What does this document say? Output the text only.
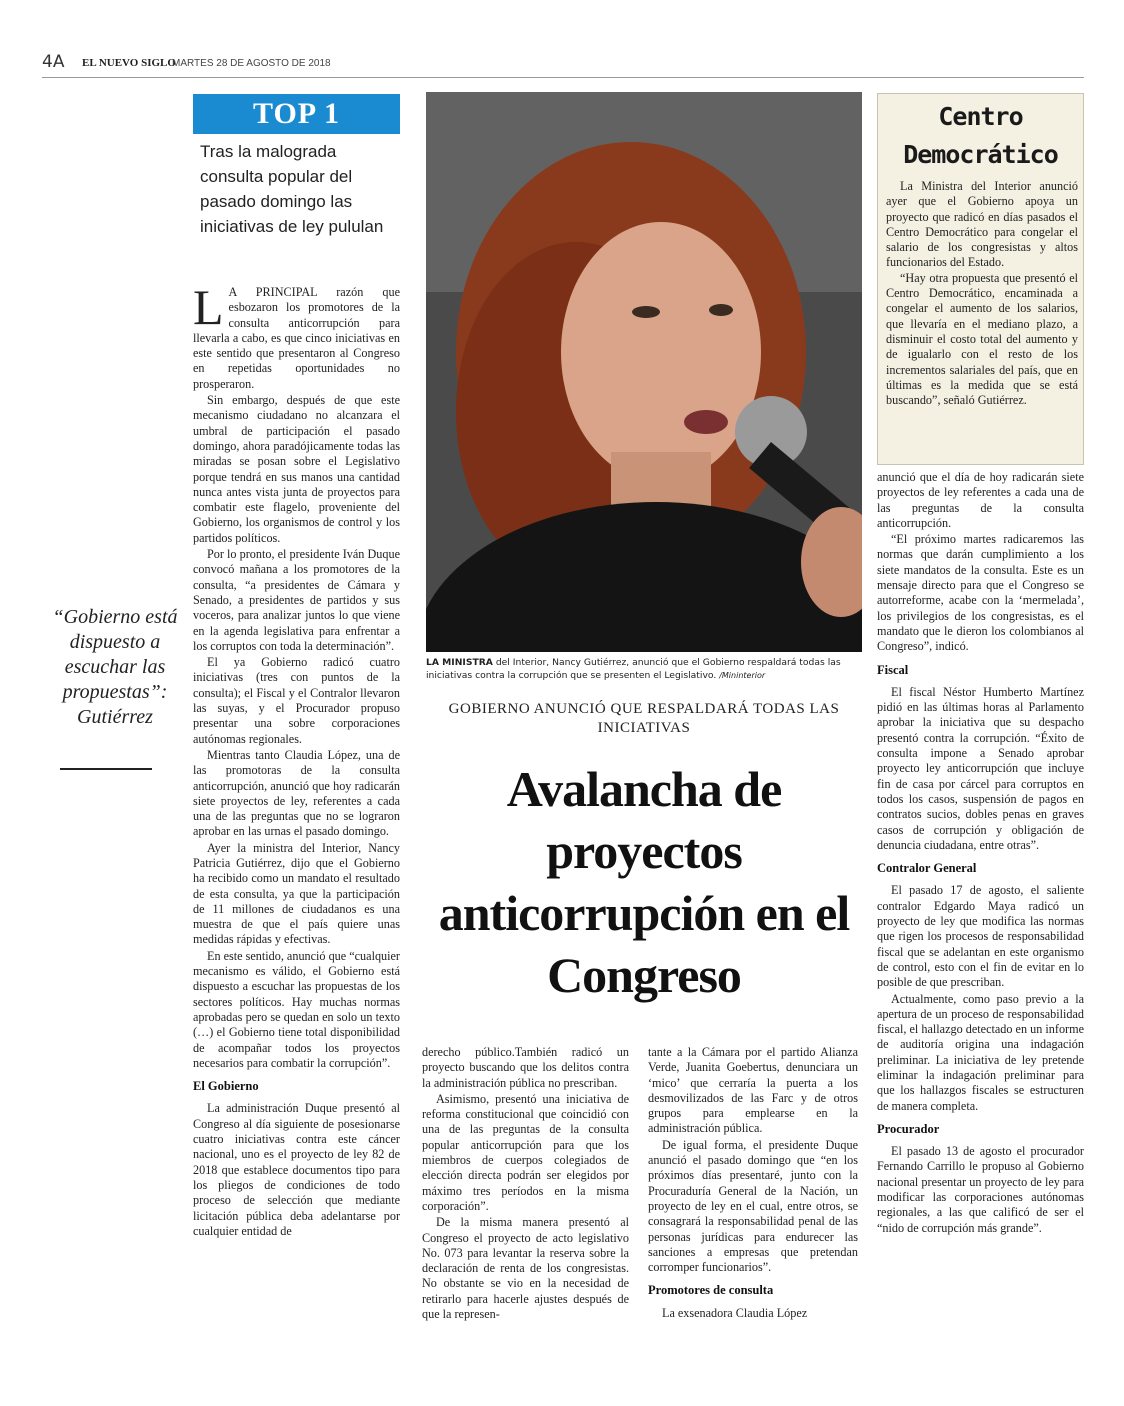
4A EL NUEVO SIGLO
MARTES 28 DE AGOSTO DE 2018
TOP 1
Tras la malograda consulta popular del pasado domingo las iniciativas de ley pululan

L A PRINCIPAL razón que esbozaron los promotores de la consulta anticorrupción para llevarla a cabo, es que cinco iniciativas en este sentido que presentaron al Congreso en repetidas oportunidades no prosperaron.

Sin embargo, después de que este mecanismo ciudadano no alcanzara el umbral de participación el pasado domingo, ahora paradójicamente todas las miradas se posan sobre el Legislativo porque tendrá en sus manos una cantidad nunca antes vista junta de proyectos para combatir este flagelo, proveniente del Gobierno, los organismos de control y los partidos políticos.

Por lo pronto, el presidente Iván Duque convocó mañana a los promotores de la consulta, “a presidentes de Cámara y Senado, a presidentes de partidos y sus voceros, para analizar juntos lo que viene en la agenda legislativa para enfrentar a los corruptos con toda la determinación”.

El ya Gobierno radicó cuatro iniciativas (tres con puntos de la consulta); el Fiscal y el Contralor llevaron las suyas, y el Procurador propuso presentar una sobre corporaciones autónomas regionales.

Mientras tanto Claudia López, una de las promotoras de la consulta anticorrupción, anunció que hoy radicarán siete proyectos de ley, referentes a cada una de las preguntas que no se lograron aprobar en las urnas el pasado domingo.

Ayer la ministra del Interior, Nancy Patricia Gutiérrez, dijo que el Gobierno ha recibido como un mandato el resultado de esta consulta, ya que la participación de 11 millones de ciudadanos es una muestra de que el país quiere unas medidas rápidas y efectivas.

En este sentido, anunció que “cualquier mecanismo es válido, el Gobierno está dispuesto a escuchar las propuestas de los sectores políticos. Hay muchas normas aprobadas pero se quedan en solo un texto (…) el Gobierno tiene total disponibilidad de acompañar todos los proyectos necesarios para combatir la corrupción”.

El Gobierno

La administración Duque presentó al Congreso al día siguiente de posesionarse cuatro iniciativas contra este cáncer nacional, uno es el proyecto de ley 82 de 2018 que establece documentos tipo para los pliegos de condiciones de todo proceso de selección que mediante licitación pública deba adelantarse por cualquier entidad de

“Gobierno está dispuesto a escuchar las propuestas”: Gutiérrez
LA MINISTRA del Interior, Nancy Gutiérrez, anunció que el Gobierno respaldará todas las iniciativas contra la corrupción que se presenten el Legislativo. /Mininterior
GOBIERNO ANUNCIÓ QUE RESPALDARÁ TODAS LAS INICIATIVAS
Avalancha de proyectos anticorrupción en el Congreso

derecho público.También radicó un proyecto buscando que los delitos contra la administración pública no prescriban.

Asimismo, presentó una iniciativa de reforma constitucional que coincidió con una de las preguntas de la consulta popular anticorrupción para que los miembros de cuerpos colegiados de elección directa podrán ser elegidos por máximo tres períodos en la misma corporación”.

De la misma manera presentó al Congreso el proyecto de acto legislativo No. 073 para levantar la reserva sobre la declaración de renta de los congresistas. No obstante se vio en la necesidad de retirarlo para hacerle ajustes después de que la represen-

tante a la Cámara por el partido Alianza Verde, Juanita Goebertus, denunciara un ‘mico’ que cerraría la puerta a los desmovilizados de las Farc y de otros grupos para emplearse en la administración pública.

De igual forma, el presidente Duque anunció el pasado domingo que “en los próximos días presentaré, junto con la Procuraduría General de la Nación, un proyecto de ley en el cual, entre otros, se consagrará la responsabilidad penal de las personas jurídicas para endurecer las sanciones a empresas que pretendan corromper funcionarios”.

Promotores de consulta

La exsenadora Claudia López

Centro
Democrático

La Ministra del Interior anunció ayer que el Gobierno apoya un proyecto que radicó en días pasados el Centro Democrático para congelar el salario de los congresistas y altos funcionarios del Estado.

“Hay otra propuesta que presentó el Centro Democrático, encaminada a congelar el aumento de los salarios, que llevaría en el mediano plazo, a disminuir el costo total del aumento y de igualarlo con el resto de los incrementos salariales del país, que en últimas es la medida que se está buscando”, señaló Gutiérrez.

anunció que el día de hoy radicarán siete proyectos de ley referentes a cada una de las preguntas de la consulta anticorrupción.

“El próximo martes radicaremos las normas que darán cumplimiento a los siete mandatos de la consulta. Este es un mensaje directo para que el Congreso se autorreforme, acabe con la ‘mermelada’, los privilegios de los congresistas, es el mandato que le dieron los colombianos al Congreso”, indicó.

Fiscal

El fiscal Néstor Humberto Martínez pidió en las últimas horas al Parlamento aprobar la iniciativa que su despacho presentó contra la corrupción. “Éxito de consulta impone a Senado aprobar proyecto ley anticorrupción que incluye fin de casa por cárcel para corruptos en todos los casos, suspensión de pagos en contratos sucios, dobles penas en graves casos de corrupción y obligación de denuncia ciudadana, entre otras”.

Contralor General

El pasado 17 de agosto, el saliente contralor Edgardo Maya radicó un proyecto de ley que modifica las normas que rigen los procesos de responsabilidad fiscal que se adelantan en este organismo de control, esto con el fin de evitar en lo posible de que prescriban.

Actualmente, como paso previo a la apertura de un proceso de responsabilidad fiscal, el hallazgo detectado en un informe de auditoría origina una indagación preliminar. La iniciativa de ley pretende eliminar la indagación preliminar para que los hallazgos fiscales se estructuren de manera completa.

Procurador

El pasado 13 de agosto el procurador Fernando Carrillo le propuso al Gobierno nacional presentar un proyecto de ley para modificar las corporaciones autónomas regionales, a las que calificó de ser el “nido de corrupción más grande”.
